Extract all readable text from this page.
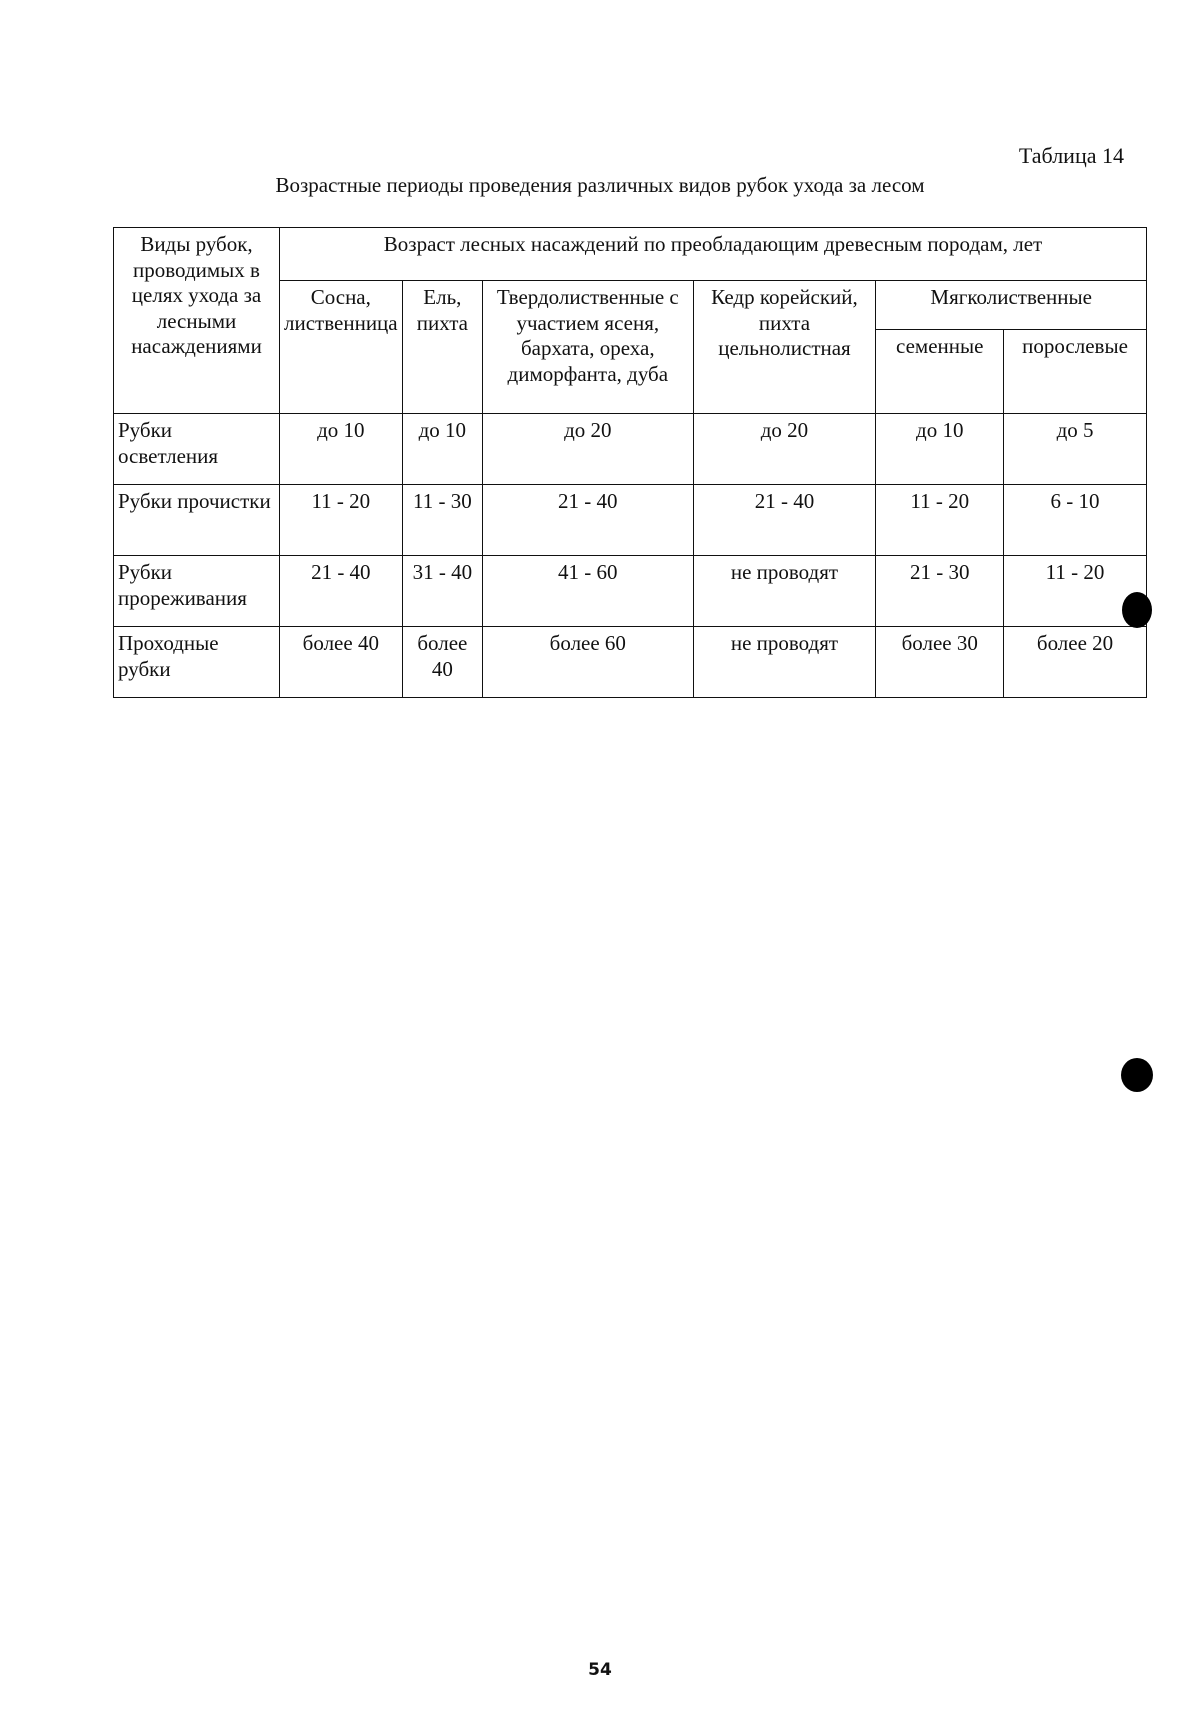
Таблица 14
Возрастные периоды проведения различных видов рубок ухода за лесом
Виды рубок, проводимых в целях ухода за лесными насаждениями	Возраст лесных насаждений по преобладающим древесным породам, лет					
	Сосна, лиственница	Ель, пихта	Твердолиственные с участием ясеня, бархата, ореха, диморфанта, дуба	Кедр корейский, пихта цельнолистная	Мягколиственные	
					семенные	порослевые
Рубки осветления	до 10	до 10	до 20	до 20	до 10	до 5
Рубки прочистки	11 - 20	11 - 30	21 - 40	21 - 40	11 - 20	6 - 10
Рубки прореживания	21 - 40	31 - 40	41 - 60	не проводят	21 - 30	11 - 20
Проходные рубки	более 40	более 40	более 60	не проводят	более 30	более 20
54
